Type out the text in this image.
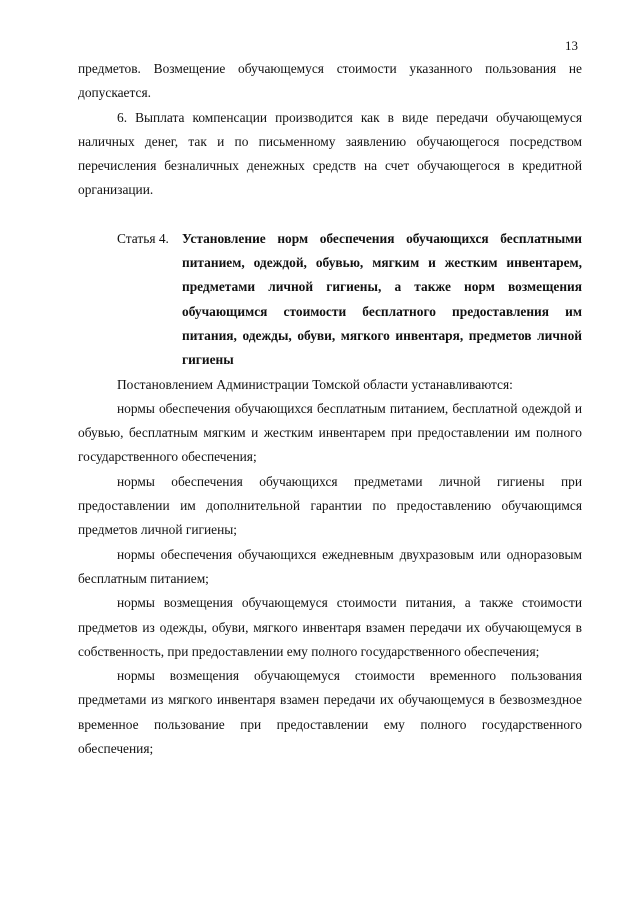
13

предметов. Возмещение обучающемуся стоимости указанного пользования не допускается.

6. Выплата компенсации производится как в виде передачи обучающемуся наличных денег, так и по письменному заявлению обучающегося посредством перечисления безналичных денежных средств на счет обучающегося в кредитной организации.

Статья 4. Установление норм обеспечения обучающихся бесплатными питанием, одеждой, обувью, мягким и жестким инвентарем, предметами личной гигиены, а также норм возмещения обучающимся стоимости бесплатного предоставления им питания, одежды, обуви, мягкого инвентаря, предметов личной гигиены

Постановлением Администрации Томской области устанавливаются:

нормы обеспечения обучающихся бесплатным питанием, бесплатной одеждой и обувью, бесплатным мягким и жестким инвентарем при предоставлении им полного государственного обеспечения;

нормы обеспечения обучающихся предметами личной гигиены при предоставлении им дополнительной гарантии по предоставлению обучающимся предметов личной гигиены;

нормы обеспечения обучающихся ежедневным двухразовым или одноразовым бесплатным питанием;

нормы возмещения обучающемуся стоимости питания, а также стоимости предметов из одежды, обуви, мягкого инвентаря взамен передачи их обучающемуся в собственность, при предоставлении ему полного государственного обеспечения;

нормы возмещения обучающемуся стоимости временного пользования предметами из мягкого инвентаря взамен передачи их обучающемуся в безвозмездное временное пользование при предоставлении ему полного государственного обеспечения;
